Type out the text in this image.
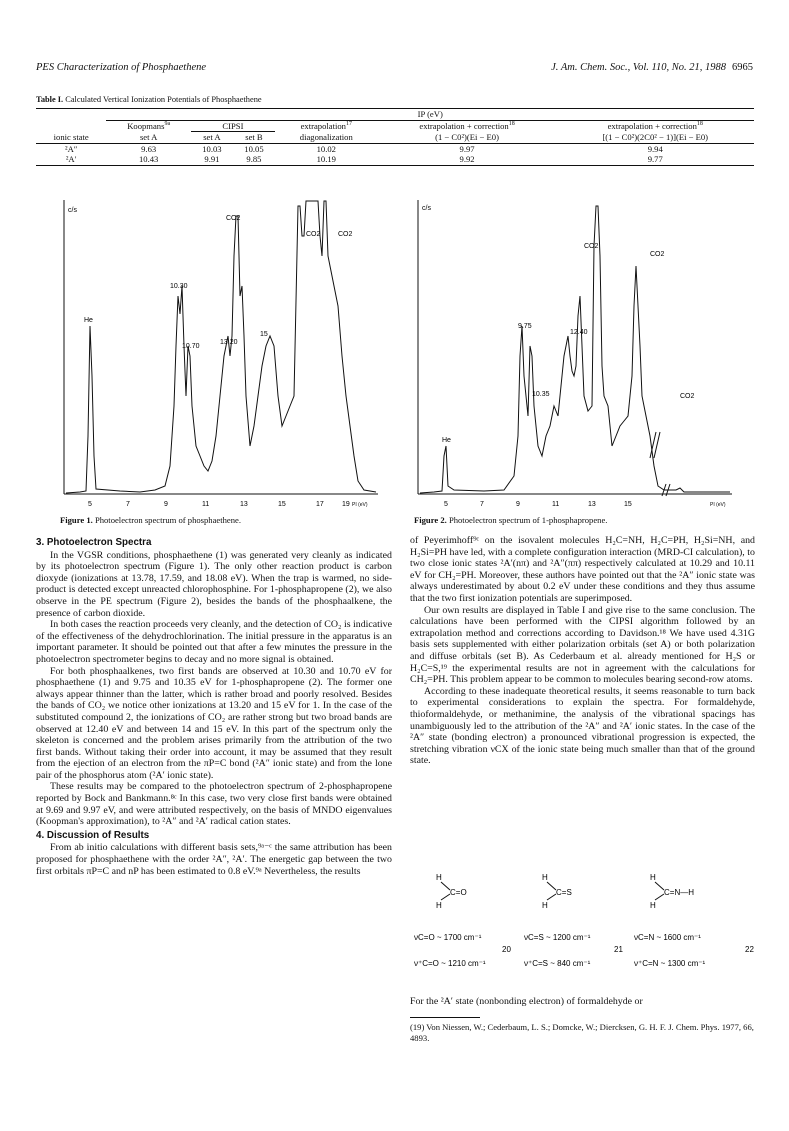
PES Characterization of Phosphaethene	J. Am. Chem. Soc., Vol. 110, No. 21, 1988 6965
Table I. Calculated Vertical Ionization Potentials of Phosphaethene
	IP (eV)					
	Koopmans$^{9a}$	CIPSI		extrapolation$^{17}$	extrapolation + correction$^{18}$	extrapolation + correction$^{18}$
ionic state	set A	set A	set B	diagonalization	(1 − C0²)(Ei − E0)	[(1 − C0²)(2C0² − 1)](Ei − E0)
²A″	9.63	10.03	10.05	10.02	9.97	9.94
²A′	10.43	9.91	9.85	10.19	9.92	9.77
c/s
5	7	9	11	13	15	17	19 PI (eV)
He
10.30
10.70
13.20
15
CO2
CO2	CO2
Figure 1. Photoelectron spectrum of phosphaethene.
c/s
5	7	9	11	13	15	PI (eV)
He
9.75
10.35
12.40
CO2
CO2
CO2
Figure 2. Photoelectron spectrum of 1-phosphapropene.

3. Photoelectron Spectra

In the VGSR conditions, phosphaethene (1) was generated very cleanly as indicated by its photoelectron spectrum (Figure 1). The only other reaction product is carbon dioxyde (ionizations at 13.78, 17.59, and 18.08 eV). When the trap is warmed, no side-product is detected except unreacted chlorophosphine. For 1-phosphapropene (2), we also observe in the PE spectrum (Figure 2), besides the bands of the phosphaalkene, the presence of carbon dioxide.

In both cases the reaction proceeds very cleanly, and the detection of CO₂ is indicative of the effectiveness of the dehydrochlorination. The initial pressure in the apparatus is an important parameter. It should be pointed out that after a few minutes the pressure in the photoelectron spectrometer begins to decay and no more signal is obtained.

For both phosphaalkenes, two first bands are observed at 10.30 and 10.70 eV for phosphaethene (1) and 9.75 and 10.35 eV for 1-phosphapropene (2). The former one always appear thinner than the latter, which is rather broad and poorly resolved. Besides the bands of CO₂ we notice other ionizations at 13.20 and 15 eV for 1. In the case of the substituted compound 2, the ionizations of CO₂ are rather strong but two broad bands are observed at 12.40 eV and between 14 and 15 eV. In this part of the spectrum only the skeleton is concerned and the problem arises primarily from the attribution of the two first bands. Without taking their order into account, it may be assumed that they result from the ejection of an electron from the πP=C bond (²A″ ionic state) and from the lone pair of the phosphorus atom (²A′ ionic state).

These results may be compared to the photoelectron spectrum of 2-phosphapropene reported by Bock and Bankmann.⁸ᶜ In this case, two very close first bands were obtained at 9.69 and 9.97 eV, and were attributed respectively, on the basis of MNDO eigenvalues (Koopman's approximation), to ²A″ and ²A′ radical cation states.

4. Discussion of Results

From ab initio calculations with different basis sets,⁹ᵃ⁻ᶜ the same attribution has been proposed for phosphaethene with the order ²A″, ²A′. The energetic gap between the two first orbitals πP=C and nP has been estimated to 0.8 eV.⁹ᵃ Nevertheless, the results

of Peyerimhoff⁹ᶜ on the isovalent molecules H₂C=NH, H₂C=PH, H₂Si=NH, and H₂Si=PH have led, with a complete configuration interaction (MRD-CI calculation), to two close ionic states ²A′(nπ) and ²A″(ππ) respectively calculated at 10.29 and 10.11 eV for CH₂=PH. Moreover, these authors have pointed out that the ²A″ ionic state was always underestimated by about 0.2 eV under these conditions and they thus assume that the two first ionization potentials are superimposed.

Our own results are displayed in Table I and give rise to the same conclusion. The calculations have been performed with the CIPSI algorithm followed by an extrapolation method and corrections according to Davidson.¹⁸ We have used 4.31G basis sets supplemented with either polarization orbitals (set A) or both polarization and diffuse orbitals (set B). As Cederbaum et al. already mentioned for H₂S or H₂C=S,¹⁹ the experimental results are not in agreement with the calculations for CH₂=PH. This problem appear to be common to molecules bearing second-row atoms.

According to these inadequate theoretical results, it seems reasonable to turn back to experimental considerations to explain the spectra. For formaldehyde, thioformaldehyde, or methanimine, the analysis of the vibrational spacings has unambiguously led to the attribution of the ²A″ and ²A′ ionic states. In the case of the ²A″ state (bonding electron) a pronounced vibrational progression is expected, the stretching vibration νCX of the ionic state being much smaller than that of the ground state.

H
H
C=O
H
H
C=S
H
H
C=N—H
νC=O ~ 1700 cm⁻¹
ν⁺C=O ~ 1210 cm⁻¹
20
νC=S ~ 1200 cm⁻¹
ν⁺C=S ~ 840 cm⁻¹
21
νC=N ~ 1600 cm⁻¹
ν⁺C=N ~ 1300 cm⁻¹
22

For the ²A′ state (nonbonding electron) of formaldehyde or

(19) Von Niessen, W.; Cederbaum, L. S.; Domcke, W.; Diercksen, G. H. F. J. Chem. Phys. 1977, 66, 4893.
